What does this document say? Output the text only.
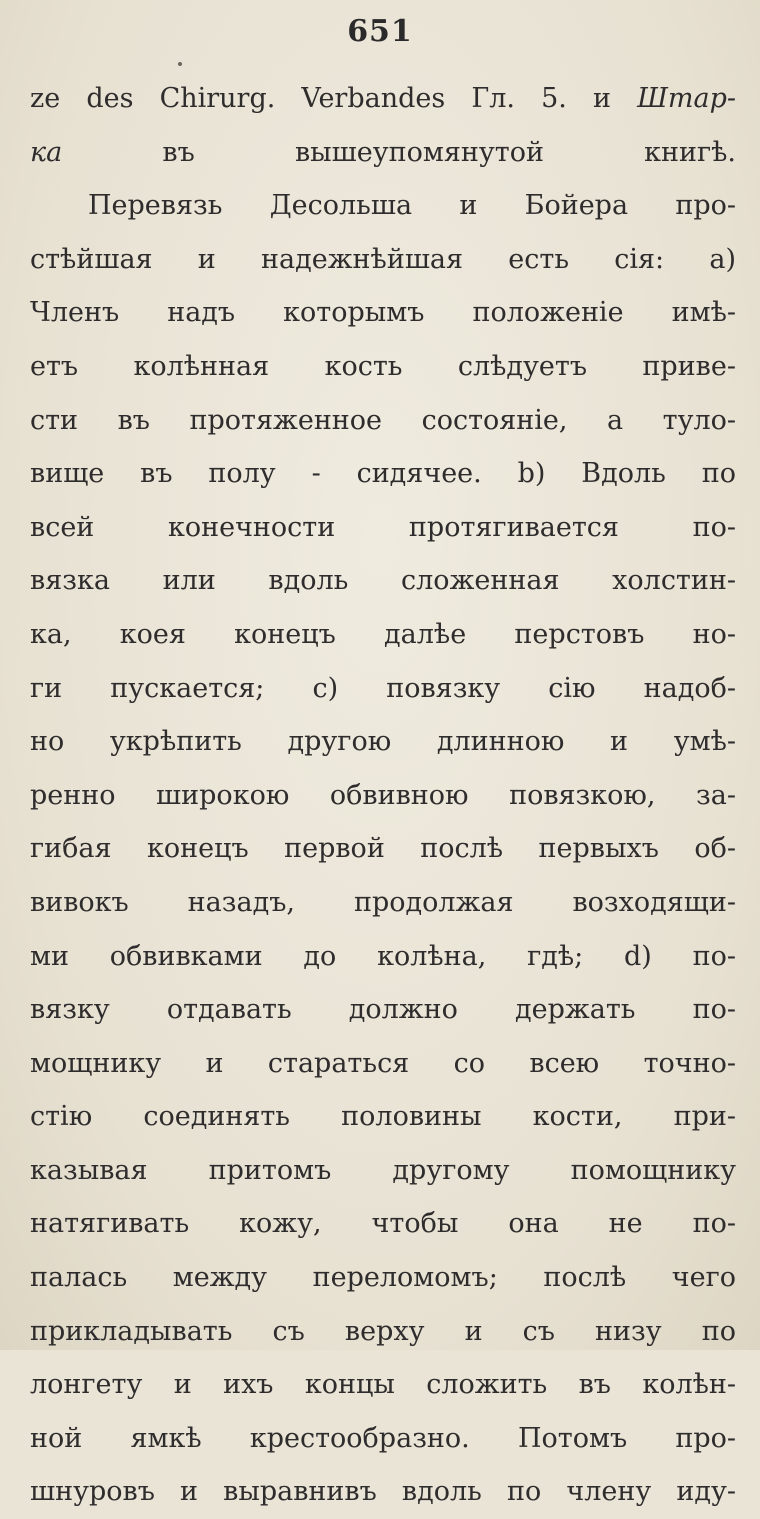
651
ze des Chirurg. Verbandes Гл. 5. и Штар-
ка въ вышеупомянутой книгѣ.
Перевязь Десольша и Бойера про-
стѣйшая и надежнѣйшая есть сія: а)
Членъ надъ которымъ положеніе имѣ-
етъ колѣнная кость слѣдуетъ приве-
сти въ протяженное состояніе, а туло-
вище въ полу - сидячее. b) Вдоль по
всей конечности протягивается по-
вязка или вдоль сложенная холстин-
ка, коея конецъ далѣе перстовъ но-
ги пускается; с) повязку сію надоб-
но укрѣпить другою длинною и умѣ-
ренно широкою обвивною повязкою, за-
гибая конецъ первой послѣ первыхъ об-
вивокъ назадъ, продолжая возходящи-
ми обвивками до колѣна, гдѣ; d) по-
вязку отдавать должно держать по-
мощнику и стараться со всею точно-
стію соединять половины кости, при-
казывая притомъ другому помощнику
натягивать кожу, чтобы она не по-
палась между переломомъ; послѣ чего
прикладывать съ верху и съ низу по
лонгету и ихъ концы сложить въ колѣн-
ной ямкѣ крестообразно. Потомъ про-
шнуровъ и выравнивъ вдоль по члену иду-
